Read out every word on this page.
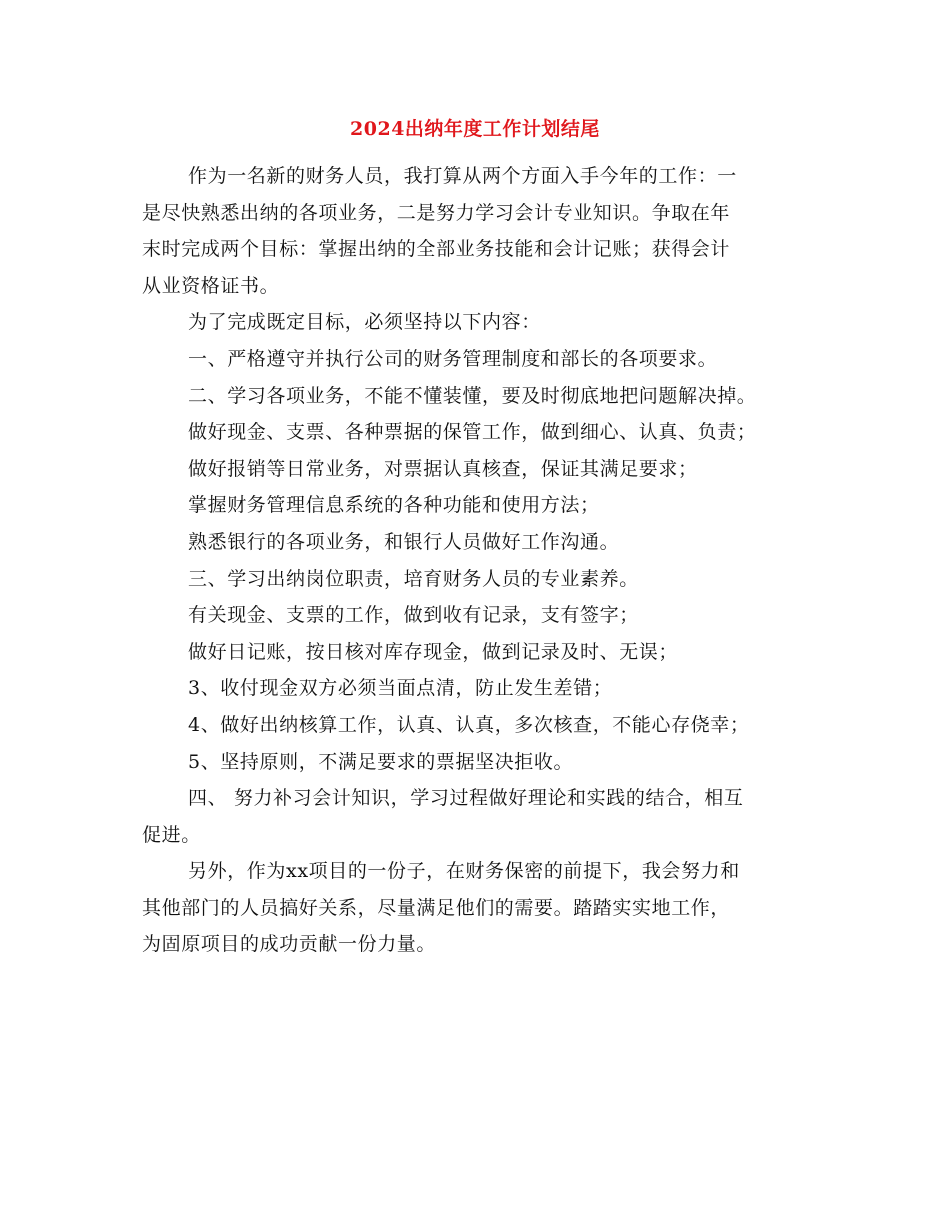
2024出纳年度工作计划结尾

作为一名新的财务人员，我打算从两个方面入手今年的工作：一

是尽快熟悉出纳的各项业务，二是努力学习会计专业知识。争取在年

末时完成两个目标：掌握出纳的全部业务技能和会计记账；获得会计

从业资格证书。

为了完成既定目标，必须坚持以下内容：

一、严格遵守并执行公司的财务管理制度和部长的各项要求。

二、学习各项业务，不能不懂装懂，要及时彻底地把问题解决掉。

做好现金、支票、各种票据的保管工作，做到细心、认真、负责；

做好报销等日常业务，对票据认真核查，保证其满足要求；

掌握财务管理信息系统的各种功能和使用方法；

熟悉银行的各项业务，和银行人员做好工作沟通。

三、学习出纳岗位职责，培育财务人员的专业素养。

有关现金、支票的工作，做到收有记录，支有签字；

做好日记账，按日核对库存现金，做到记录及时、无误；

3、收付现金双方必须当面点清，防止发生差错；

4、做好出纳核算工作，认真、认真，多次核查，不能心存侥幸；

5、坚持原则，不满足要求的票据坚决拒收。

四、 努力补习会计知识，学习过程做好理论和实践的结合，相互

促进。

另外，作为xx项目的一份子，在财务保密的前提下，我会努力和

其他部门的人员搞好关系，尽量满足他们的需要。踏踏实实地工作，

为固原项目的成功贡献一份力量。
